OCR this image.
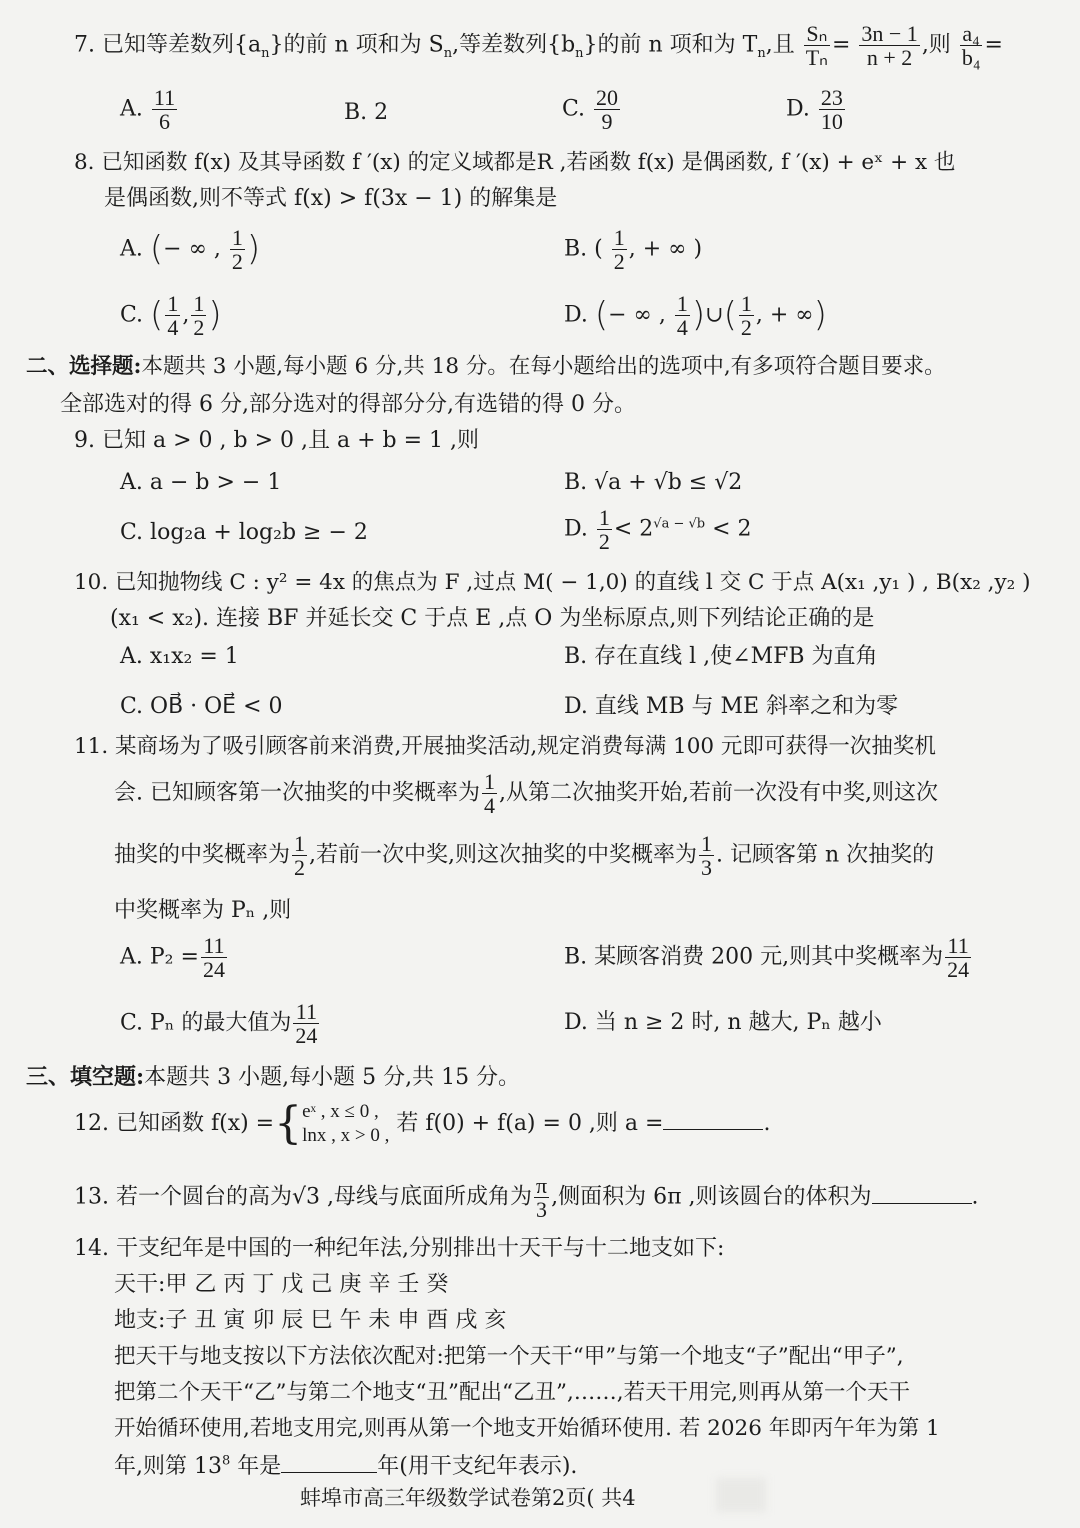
7. 已知等差数列$\{a_n\}$的前 n 项和为 $S_n$,等差数列$\{b_n\}$的前 n 项和为 $T_n$,且 $\frac{\text{Sₙ}}{\text{Tₙ}} = \frac{3n - 1}{n + 2}$ ,则 $\frac{\text{a₄}}{\text{b₄}}$ =
A. $\frac{11}{6}$	B. 2	C. $\frac{20}{9}$	D. $\frac{23}{10}$
8. 已知函数 f(x) 及其导函数 f ′(x) 的定义域都是R ,若函数 f(x) 是偶函数, f ′(x) + eˣ + x 也
是偶函数,则不等式 f(x) > f(3x − 1) 的解集是
A. (− ∞ , $\frac{1}{2}$ )	B. ( $\frac{1}{2}$ , + ∞ )
C. ( $\frac{1}{4}$ , $\frac{1}{2}$ )	D. (− ∞ , $\frac{1}{4}$ )∪( $\frac{1}{2}$ , + ∞)
二、选择题:本题共 3 小题,每小题 6 分,共 18 分。在每小题给出的选项中,有多项符合题目要求。
全部选对的得 6 分,部分选对的得部分分,有选错的得 0 分。
9. 已知 a > 0 , b > 0 ,且 a + b = 1 ,则
A. a − b > − 1	B. √a + √b ≤ √2
C. log₂a + log₂b ≥ − 2	D. $\frac{1}{2} < 2^{√a - √b} < 2$
10. 已知抛物线 C : y² = 4x 的焦点为 F ,过点 M( − 1,0) 的直线 l 交 C 于点 A(x₁ ,y₁ ) , B(x₂ ,y₂ )
(x₁ < x₂). 连接 BF 并延长交 C 于点 E ,点 O 为坐标原点,则下列结论正确的是
A. x₁x₂ = 1	B. 存在直线 l ,使∠MFB 为直角
C. OB⃗ · OE⃗ < 0	D. 直线 MB 与 ME 斜率之和为零
11. 某商场为了吸引顾客前来消费,开展抽奖活动,规定消费每满 100 元即可获得一次抽奖机
会. 已知顾客第一次抽奖的中奖概率为 $\frac{1}{4}$ ,从第二次抽奖开始,若前一次没有中奖,则这次
抽奖的中奖概率为 $\frac{1}{2}$ ,若前一次中奖,则这次抽奖的中奖概率为 $\frac{1}{3}$ . 记顾客第 n 次抽奖的
中奖概率为 Pₙ ,则
A. $P_2 = \frac{11}{24}$	B. 某顾客消费 200 元,则其中奖概率为 $\frac{11}{24}$
C. Pₙ 的最大值为 $\frac{11}{24}$	D. 当 n ≥ 2 时, n 越大, Pₙ 越小
三、填空题:本题共 3 小题,每小题 5 分,共 15 分。
12. 已知函数 f(x) ={eˣ , x ≤ 0 ,
lnx , x > 0 , 若 f(0) + f(a) = 0 ,则 a =	.
13. 若一个圆台的高为√3 ,母线与底面所成角为 $\frac{\pi}{3}$ ,侧面积为 6π ,则该圆台的体积为	.
14. 干支纪年是中国的一种纪年法,分别排出十天干与十二地支如下:
天干:甲 乙 丙 丁 戊 己 庚 辛 壬 癸
地支:子 丑 寅 卯 辰 巳 午 未 申 酉 戌 亥
把天干与地支按以下方法依次配对:把第一个天干“甲”与第一个地支“子”配出“甲子”,
把第二个天干“乙”与第二个地支“丑”配出“乙丑”,……,若天干用完,则再从第一个天干
开始循环使用,若地支用完,则再从第一个地支开始循环使用. 若 2026 年即丙午年为第 1
年,则第 $13^8$ 年是	年(用干支纪年表示).
蚌埠市高三年级数学试卷第2页( 共4
